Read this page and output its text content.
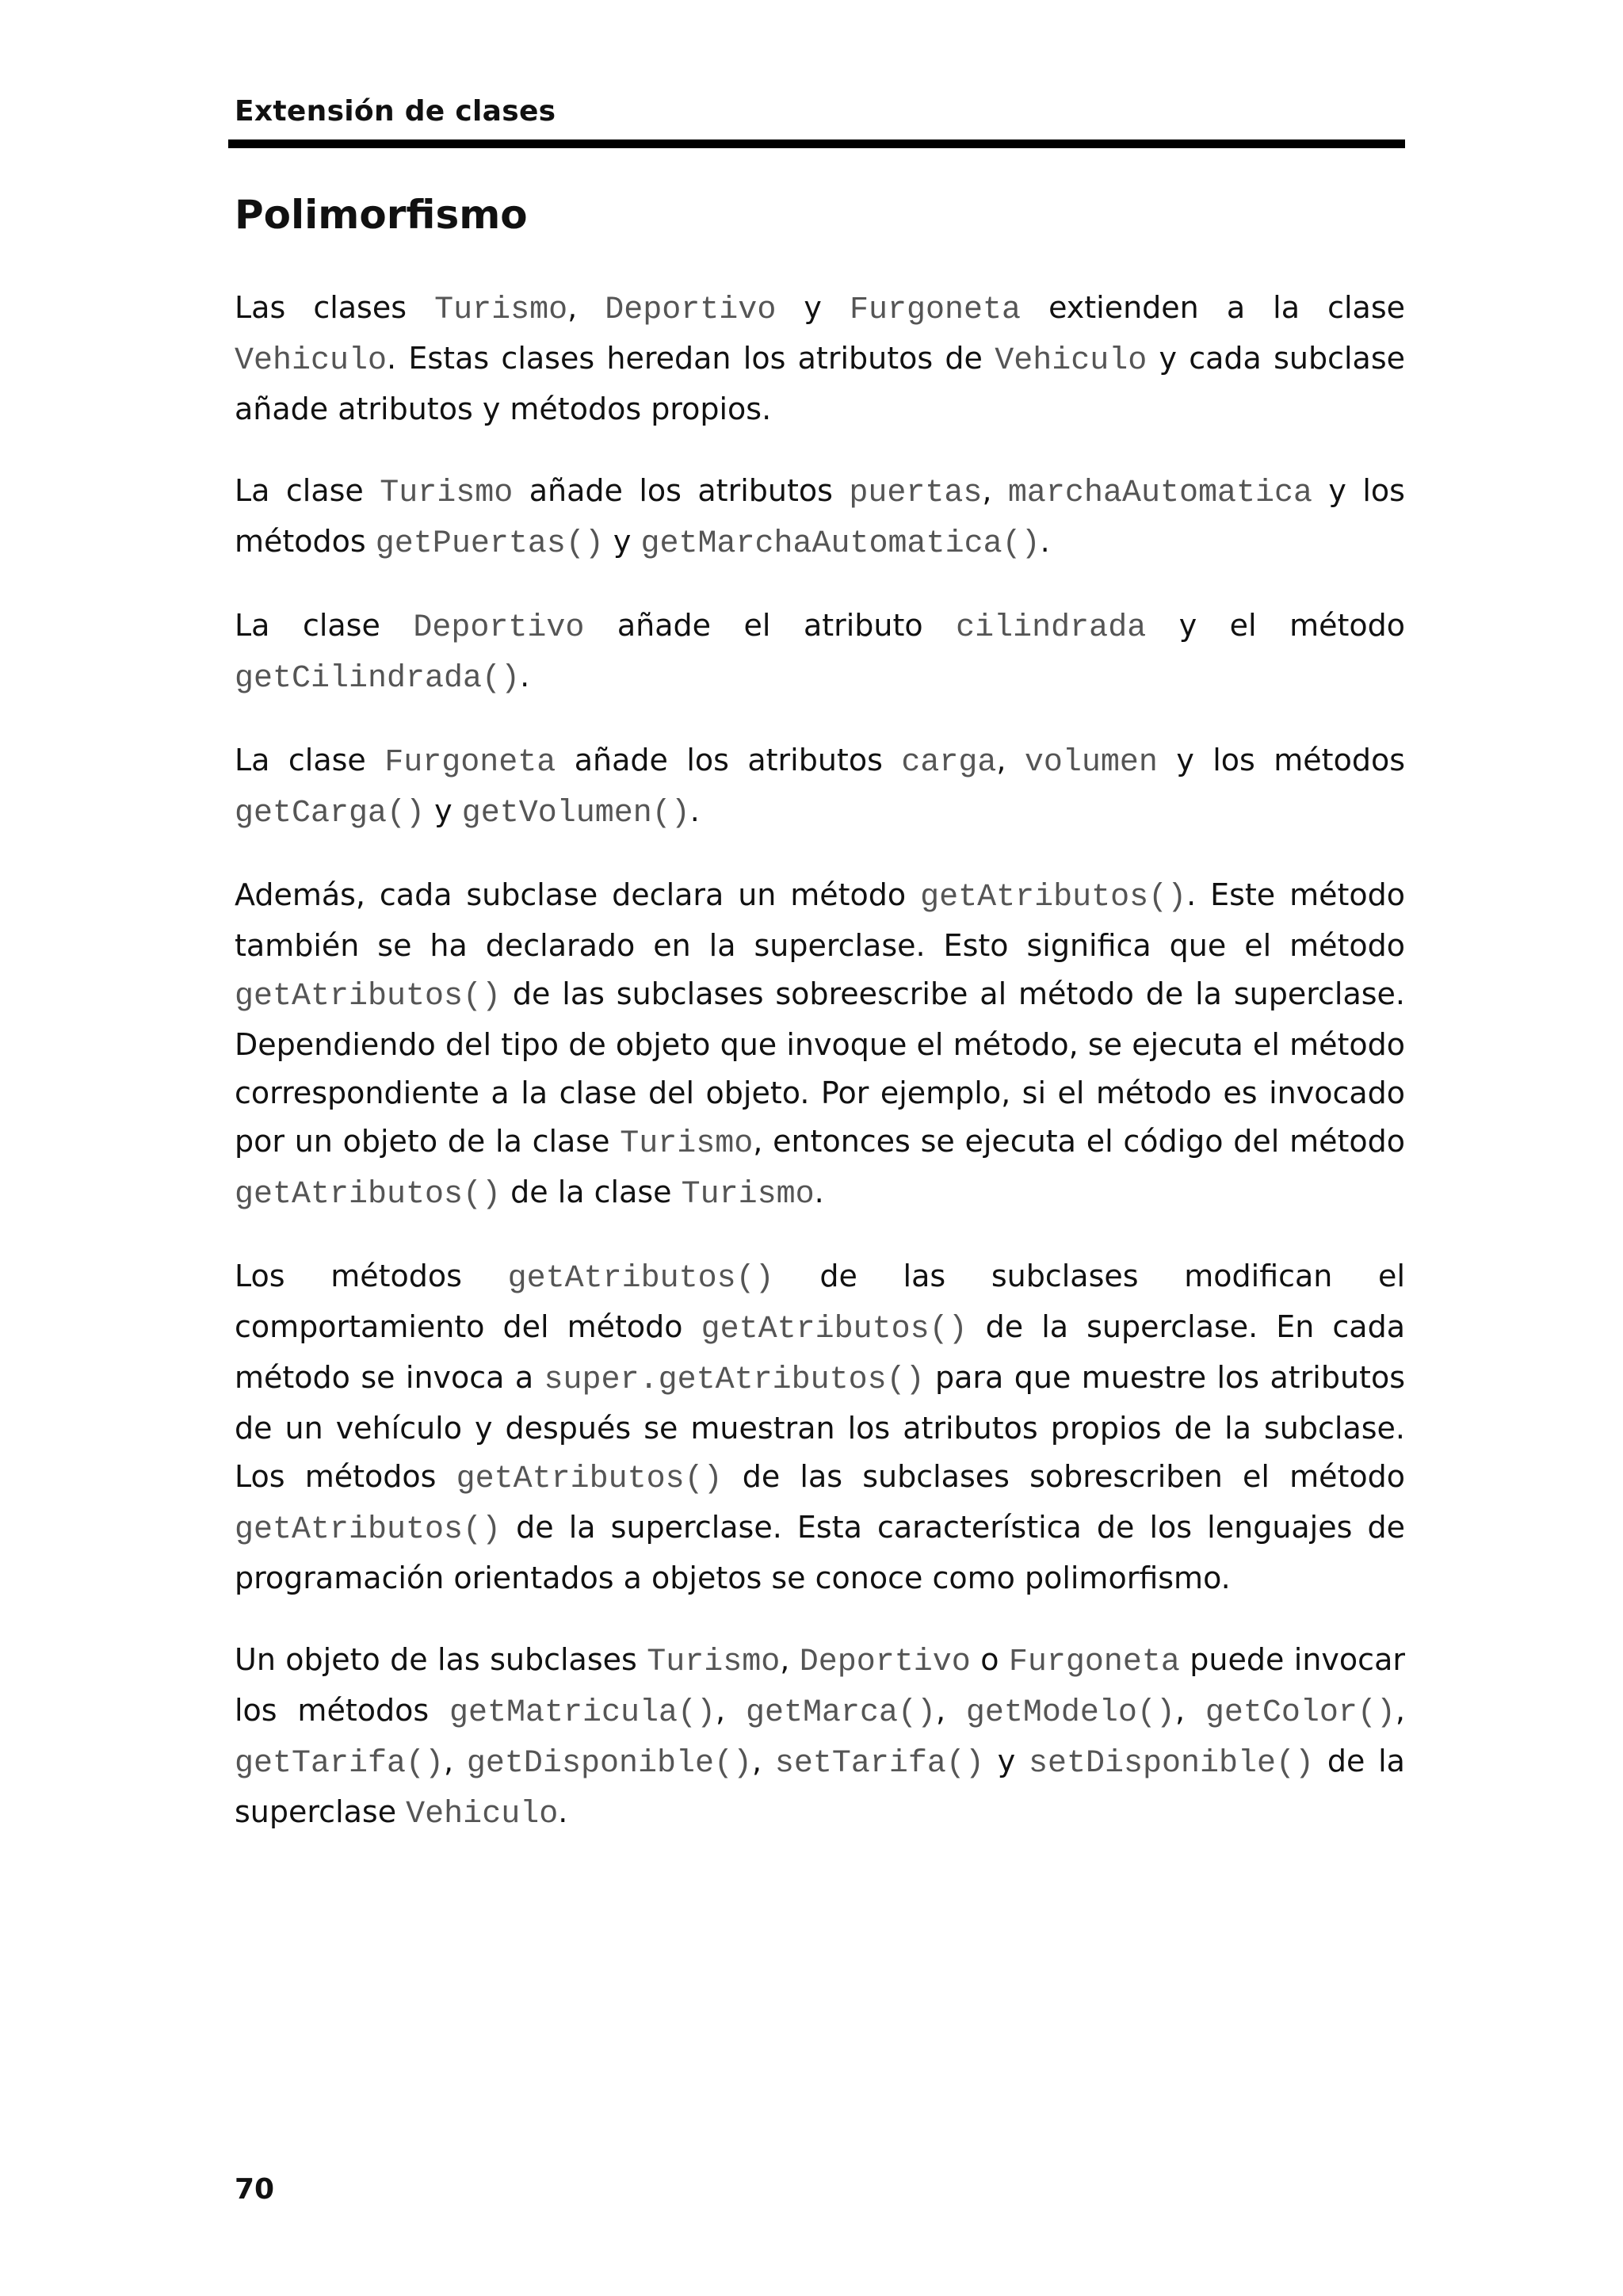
Extensión de clases
Polimorfismo

Las clases Turismo, Deportivo y Furgoneta extienden a la clase Vehiculo. Estas clases heredan los atributos de Vehiculo y cada subclase añade atributos y métodos propios.

La clase Turismo añade los atributos puertas, marchaAutomatica y los métodos getPuertas() y getMarchaAutomatica().

La clase Deportivo añade el atributo cilindrada y el método getCilindrada().

La clase Furgoneta añade los atributos carga, volumen y los métodos getCarga() y getVolumen().

Además, cada subclase declara un método getAtributos(). Este método también se ha declarado en la superclase. Esto significa que el método getAtributos() de las subclases sobreescribe al método de la superclase. Dependiendo del tipo de objeto que invoque el método, se ejecuta el método correspondiente a la clase del objeto. Por ejemplo, si el método es invocado por un objeto de la clase Turismo, entonces se ejecuta el código del método getAtributos() de la clase Turismo.

Los métodos getAtributos() de las subclases modifican el comportamiento del método getAtributos() de la superclase. En cada método se invoca a super.getAtributos() para que muestre los atributos de un vehículo y después se muestran los atributos propios de la subclase. Los métodos getAtributos() de las subclases sobrescriben el método getAtributos() de la superclase. Esta característica de los lenguajes de programación orientados a objetos se conoce como polimorfismo.

Un objeto de las subclases Turismo, Deportivo o Furgoneta puede invocar los métodos getMatricula(), getMarca(), getModelo(), getColor(), getTarifa(), getDisponible(), setTarifa() y setDisponible() de la superclase Vehiculo.

70
